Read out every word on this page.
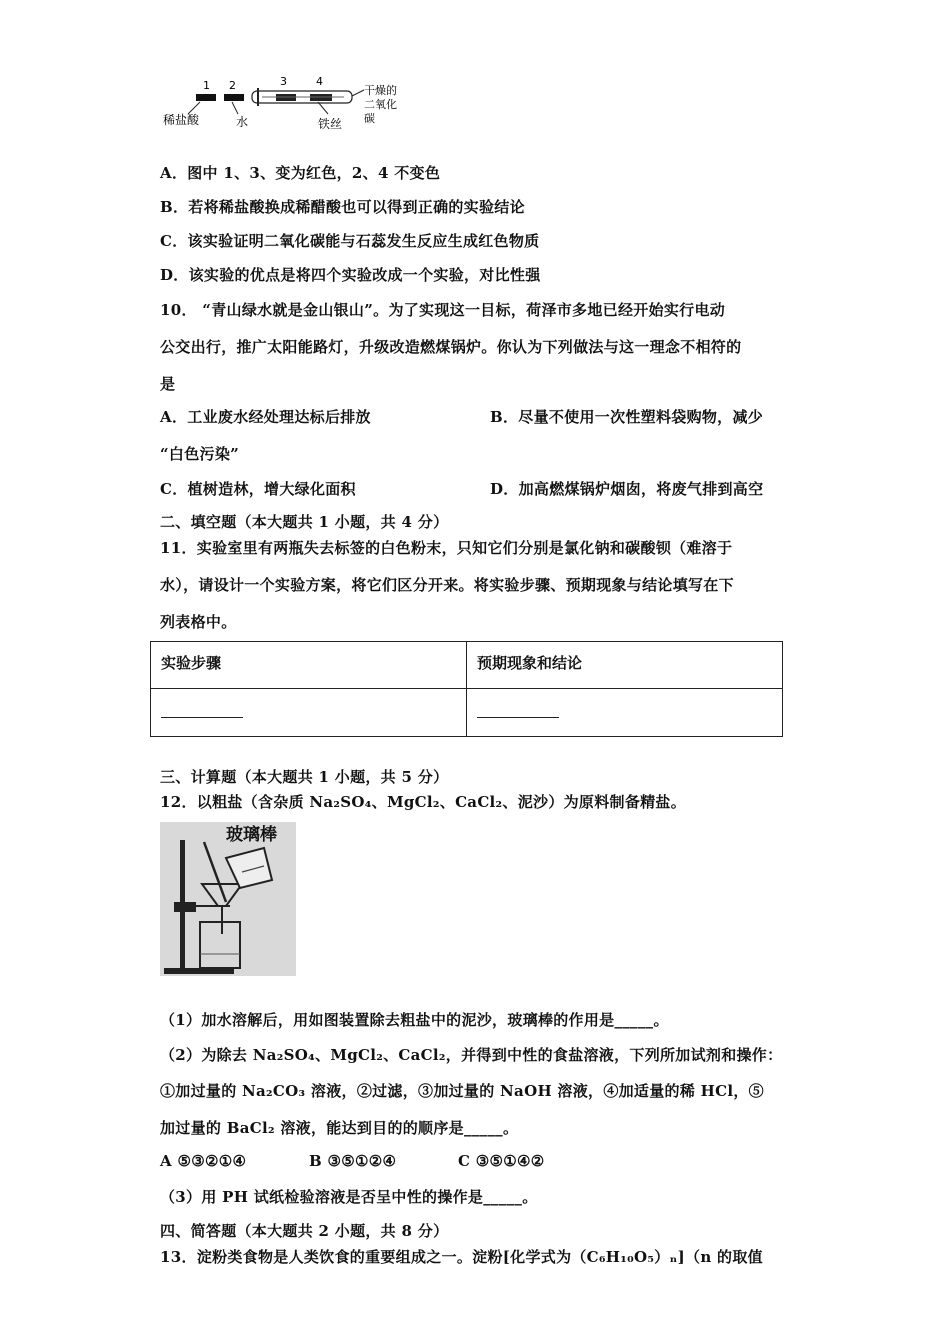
1 2	3	4
稀盐酸	水	铁丝
干燥的
二氧化
碳
A．图中 1、3、变为红色，2、4 不变色
B．若将稀盐酸换成稀醋酸也可以得到正确的实验结论
C．该实验证明二氧化碳能与石蕊发生反应生成红色物质
D．该实验的优点是将四个实验改成一个实验，对比性强
10． “青山绿水就是金山银山”。为了实现这一目标，荷泽市多地已经开始实行电动
公交出行，推广太阳能路灯，升级改造燃煤锅炉。你认为下列做法与这一理念不相符的
是
A．工业废水经处理达标后排放	B．尽量不使用一次性塑料袋购物，减少
“白色污染”
C．植树造林，增大绿化面积	D．加高燃煤锅炉烟囱，将废气排到高空
二、填空题（本大题共 1 小题，共 4 分）
11．实验室里有两瓶失去标签的白色粉末，只知它们分别是氯化钠和碳酸钡（难溶于
水），请设计一个实验方案，将它们区分开来。将实验步骤、预期现象与结论填写在下
列表格中。
实验步骤	预期现象和结论

三、计算题（本大题共 1 小题，共 5 分）
12．以粗盐（含杂质 Na₂SO₄、MgCl₂、CaCl₂、泥沙）为原料制备精盐。
玻璃棒
（1）加水溶解后，用如图装置除去粗盐中的泥沙，玻璃棒的作用是_____。
（2）为除去 Na₂SO₄、MgCl₂、CaCl₂，并得到中性的食盐溶液，下列所加试剂和操作：
①加过量的 Na₂CO₃ 溶液，②过滤，③加过量的 NaOH 溶液，④加适量的稀 HCl，⑤
加过量的 BaCl₂ 溶液，能达到目的的顺序是_____。
A ⑤③②①④	B ③⑤①②④	C ③⑤①④②
（3）用 PH 试纸检验溶液是否呈中性的操作是_____。
四、简答题（本大题共 2 小题，共 8 分）
13．淀粉类食物是人类饮食的重要组成之一。淀粉[化学式为（C₆H₁₀O₅）ₙ]（n 的取值
